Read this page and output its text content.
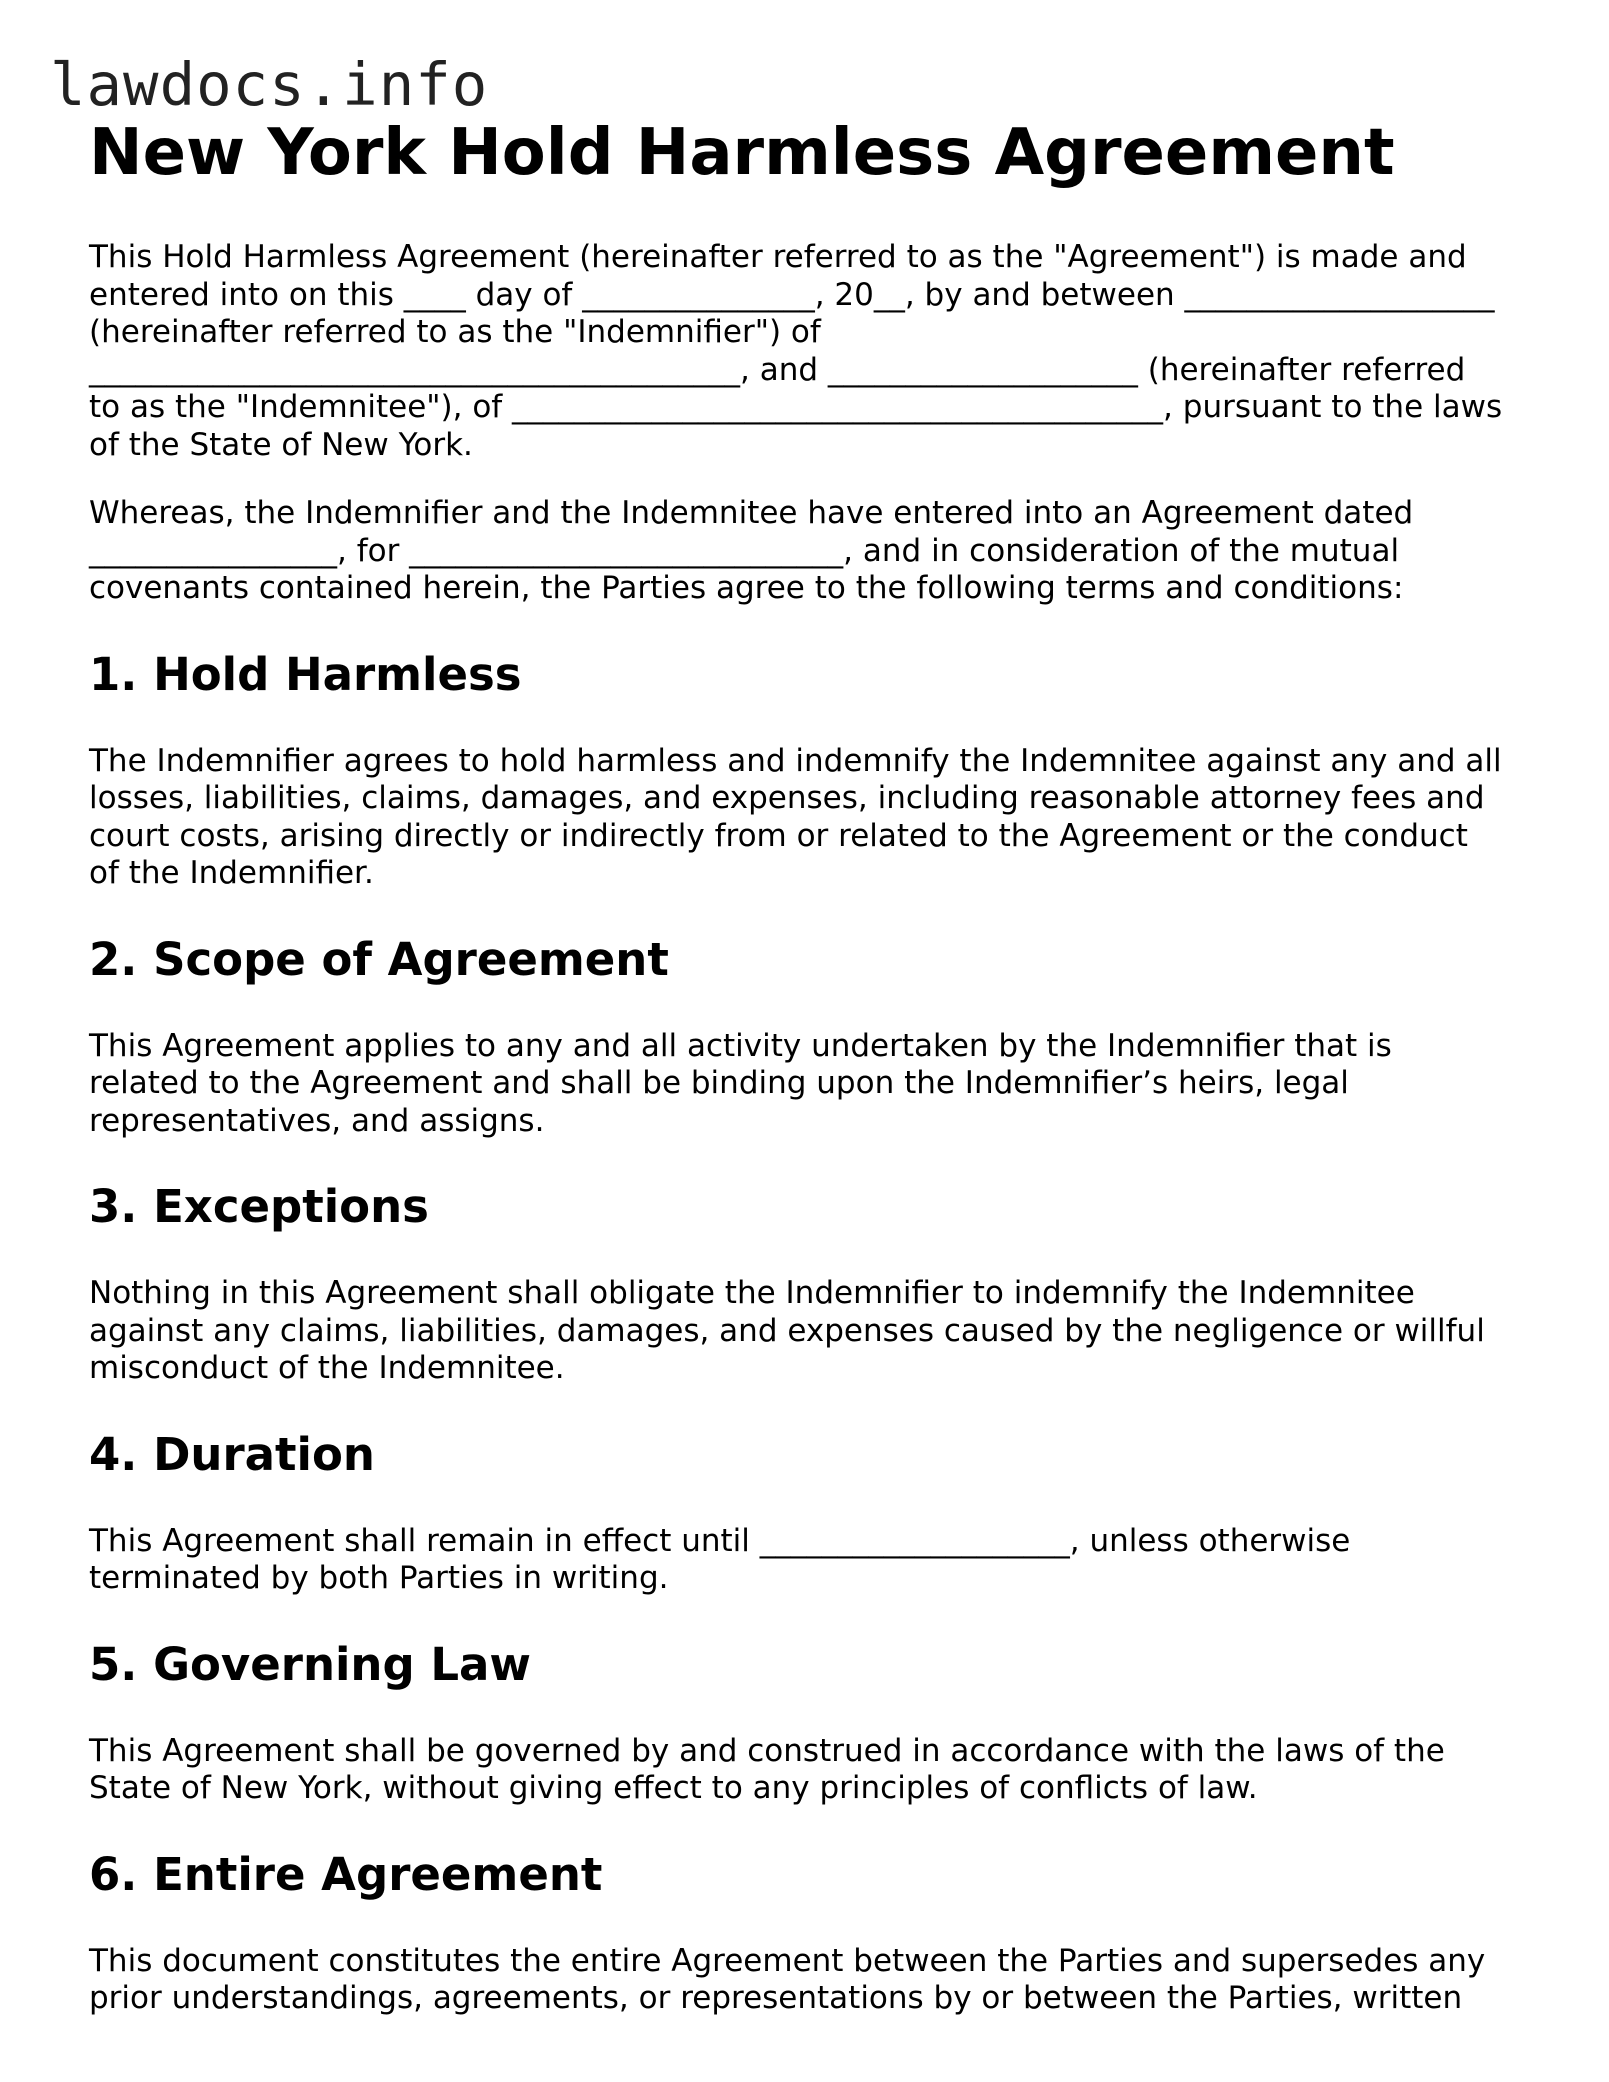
lawdocs.info

New York Hold Harmless Agreement

This Hold Harmless Agreement (hereinafter referred to as the "Agreement") is made and
entered into on this ____ day of _______________, 20__, by and between ____________________
(hereinafter referred to as the "Indemnifier") of
__________________________________________, and ____________________ (hereinafter referred
to as the "Indemnitee"), of __________________________________________, pursuant to the laws
of the State of New York.

Whereas, the Indemnifier and the Indemnitee have entered into an Agreement dated
________________, for ____________________________, and in consideration of the mutual
covenants contained herein, the Parties agree to the following terms and conditions:

1. Hold Harmless

The Indemnifier agrees to hold harmless and indemnify the Indemnitee against any and all
losses, liabilities, claims, damages, and expenses, including reasonable attorney fees and
court costs, arising directly or indirectly from or related to the Agreement or the conduct
of the Indemnifier.

2. Scope of Agreement

This Agreement applies to any and all activity undertaken by the Indemnifier that is
related to the Agreement and shall be binding upon the Indemnifier’s heirs, legal
representatives, and assigns.

3. Exceptions

Nothing in this Agreement shall obligate the Indemnifier to indemnify the Indemnitee
against any claims, liabilities, damages, and expenses caused by the negligence or willful
misconduct of the Indemnitee.

4. Duration

This Agreement shall remain in effect until ____________________, unless otherwise
terminated by both Parties in writing.

5. Governing Law

This Agreement shall be governed by and construed in accordance with the laws of the
State of New York, without giving effect to any principles of conflicts of law.

6. Entire Agreement

This document constitutes the entire Agreement between the Parties and supersedes any
prior understandings, agreements, or representations by or between the Parties, written
